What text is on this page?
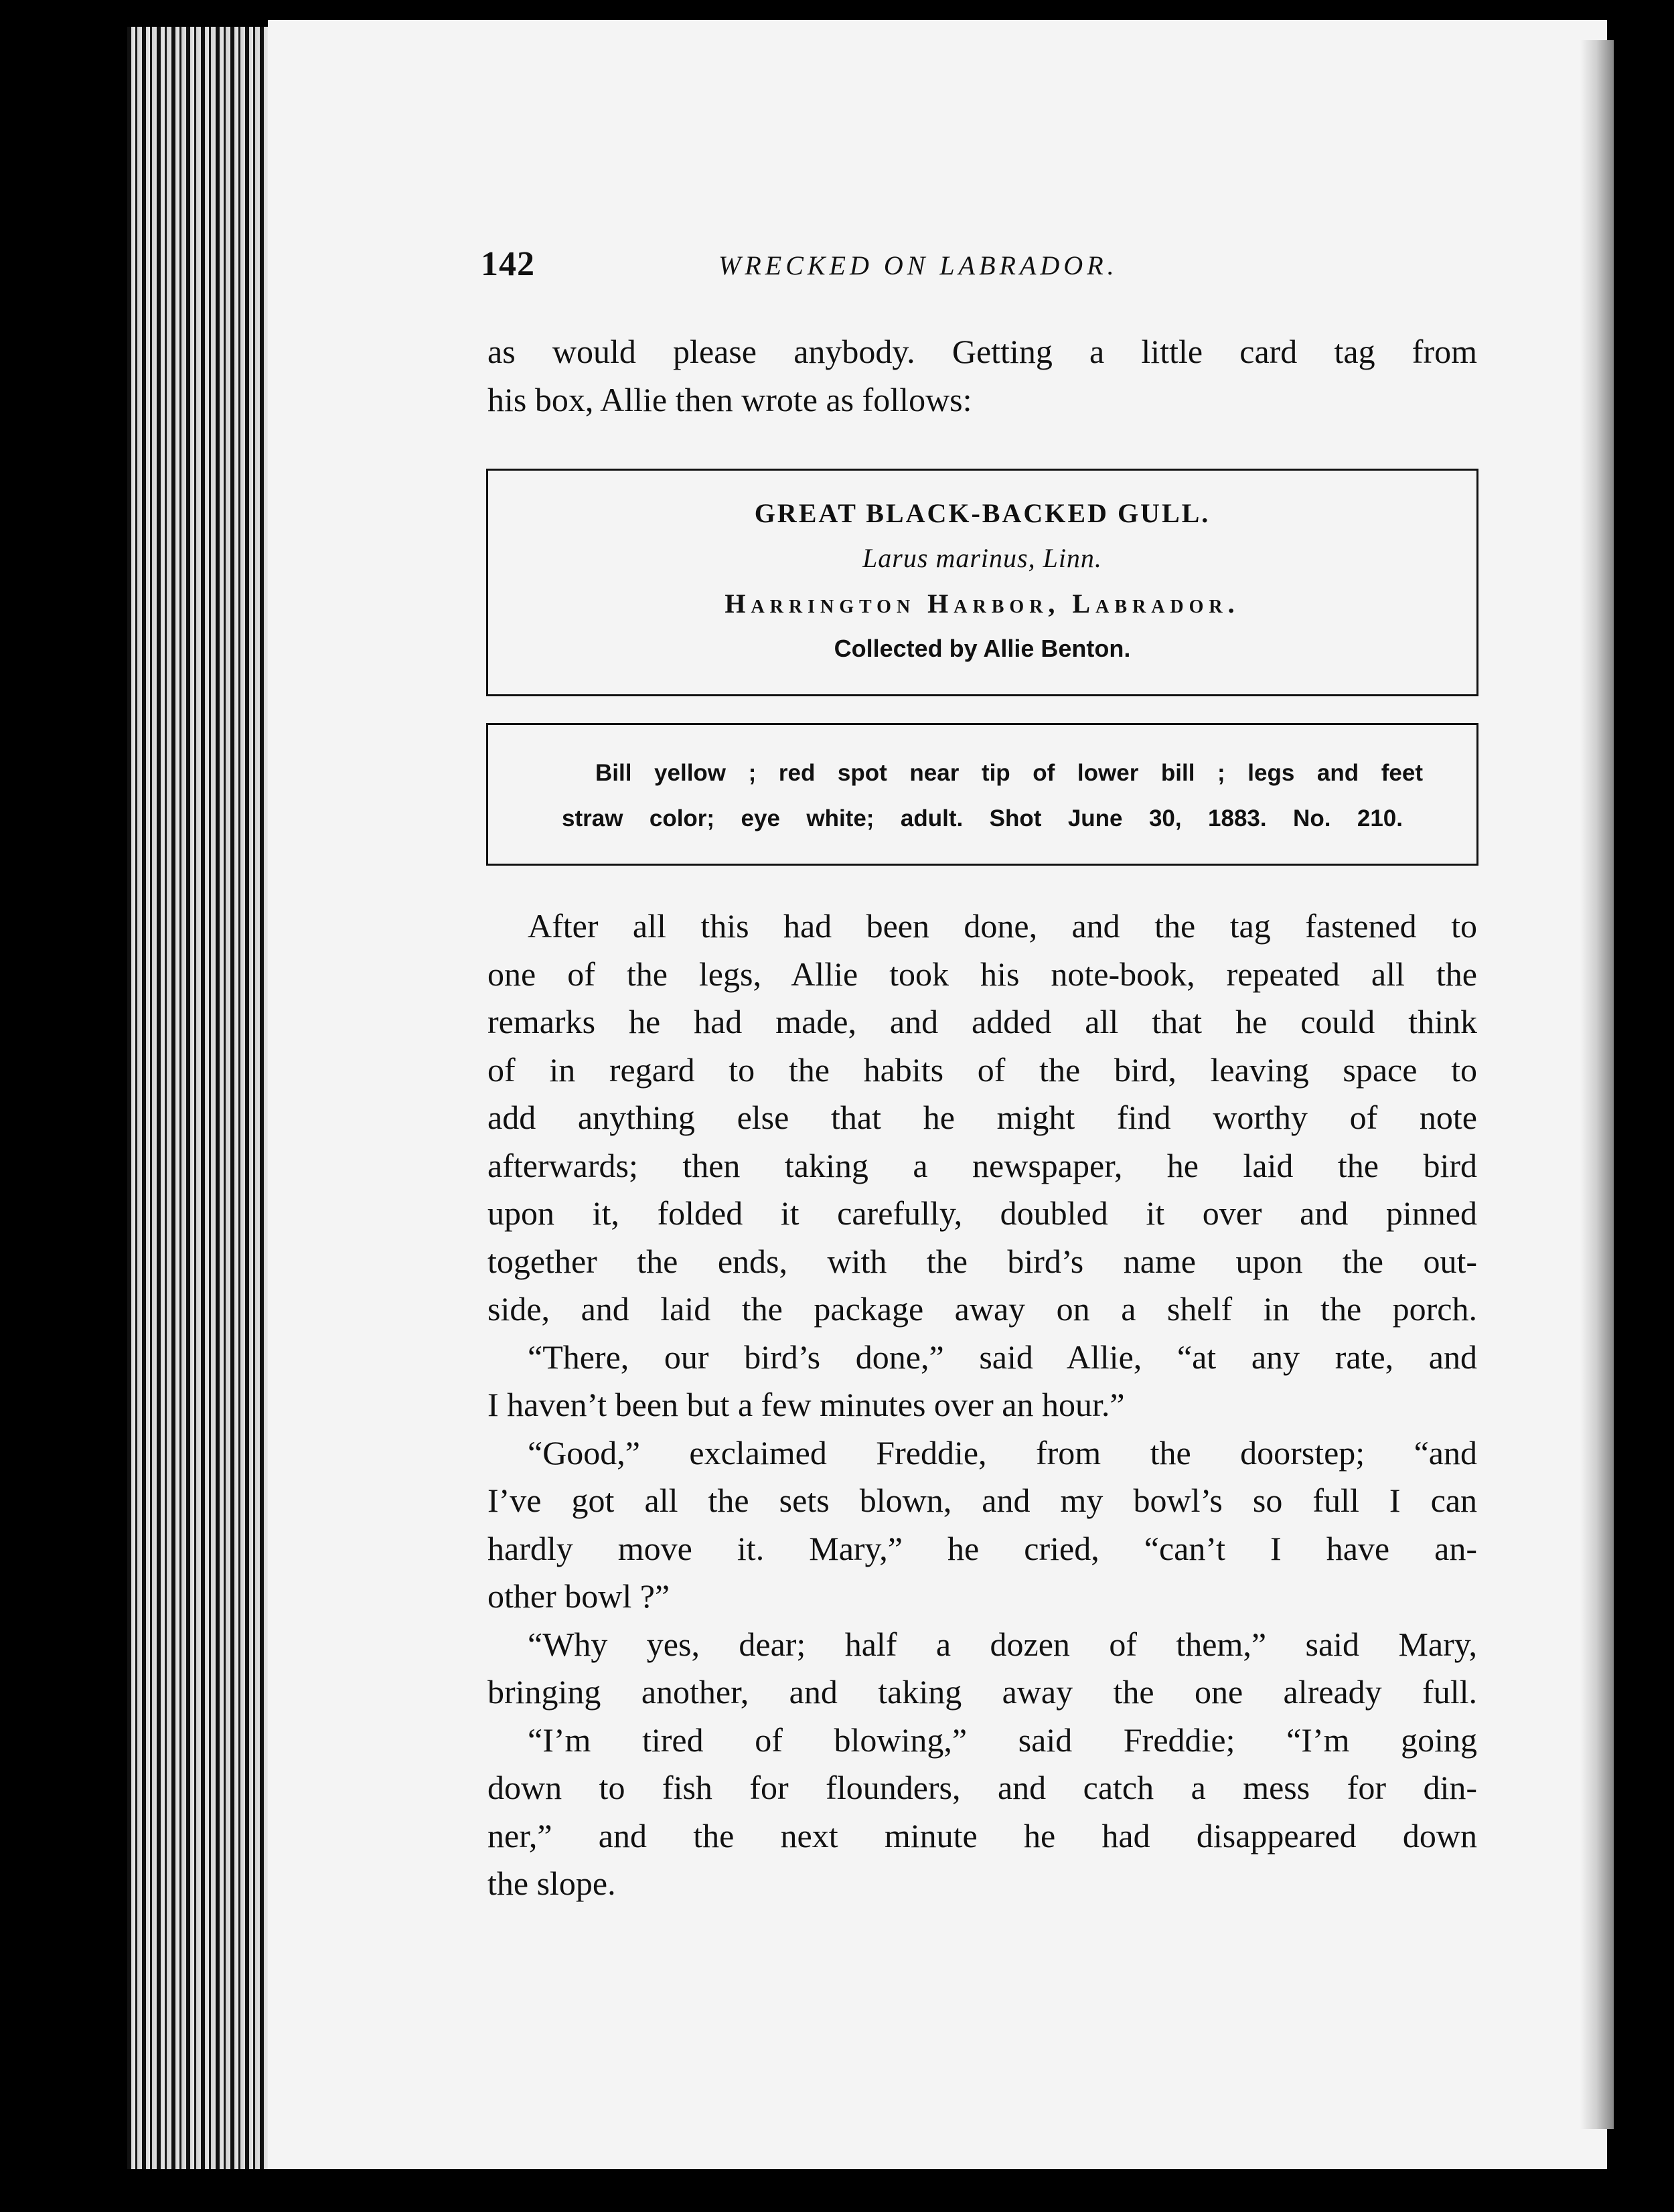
142	WRECKED ON LABRADOR.
as would please anybody. Getting a little card tag from
his box, Allie then wrote as follows:
GREAT BLACK-BACKED GULL.
Larus marinus, Linn.
Harrington Harbor, Labrador.
Collected by Allie Benton.
Bill yellow ; red spot near tip of lower bill ; legs and feet
straw color; eye white; adult. Shot June 30, 1883. No. 210.
After all this had been done, and the tag fastened to
one of the legs, Allie took his note-book, repeated all the
remarks he had made, and added all that he could think
of in regard to the habits of the bird, leaving space to
add anything else that he might find worthy of note
afterwards; then taking a newspaper, he laid the bird
upon it, folded it carefully, doubled it over and pinned
together the ends, with the bird’s name upon the out-
side, and laid the package away on a shelf in the porch.
“There, our bird’s done,” said Allie, “at any rate, and
I haven’t been but a few minutes over an hour.”
“Good,” exclaimed Freddie, from the doorstep; “and
I’ve got all the sets blown, and my bowl’s so full I can
hardly move it. Mary,” he cried, “can’t I have an-
other bowl ?”
“Why yes, dear; half a dozen of them,” said Mary,
bringing another, and taking away the one already full.
“I’m tired of blowing,” said Freddie; “I’m going
down to fish for flounders, and catch a mess for din-
ner,” and the next minute he had disappeared down
the slope.
